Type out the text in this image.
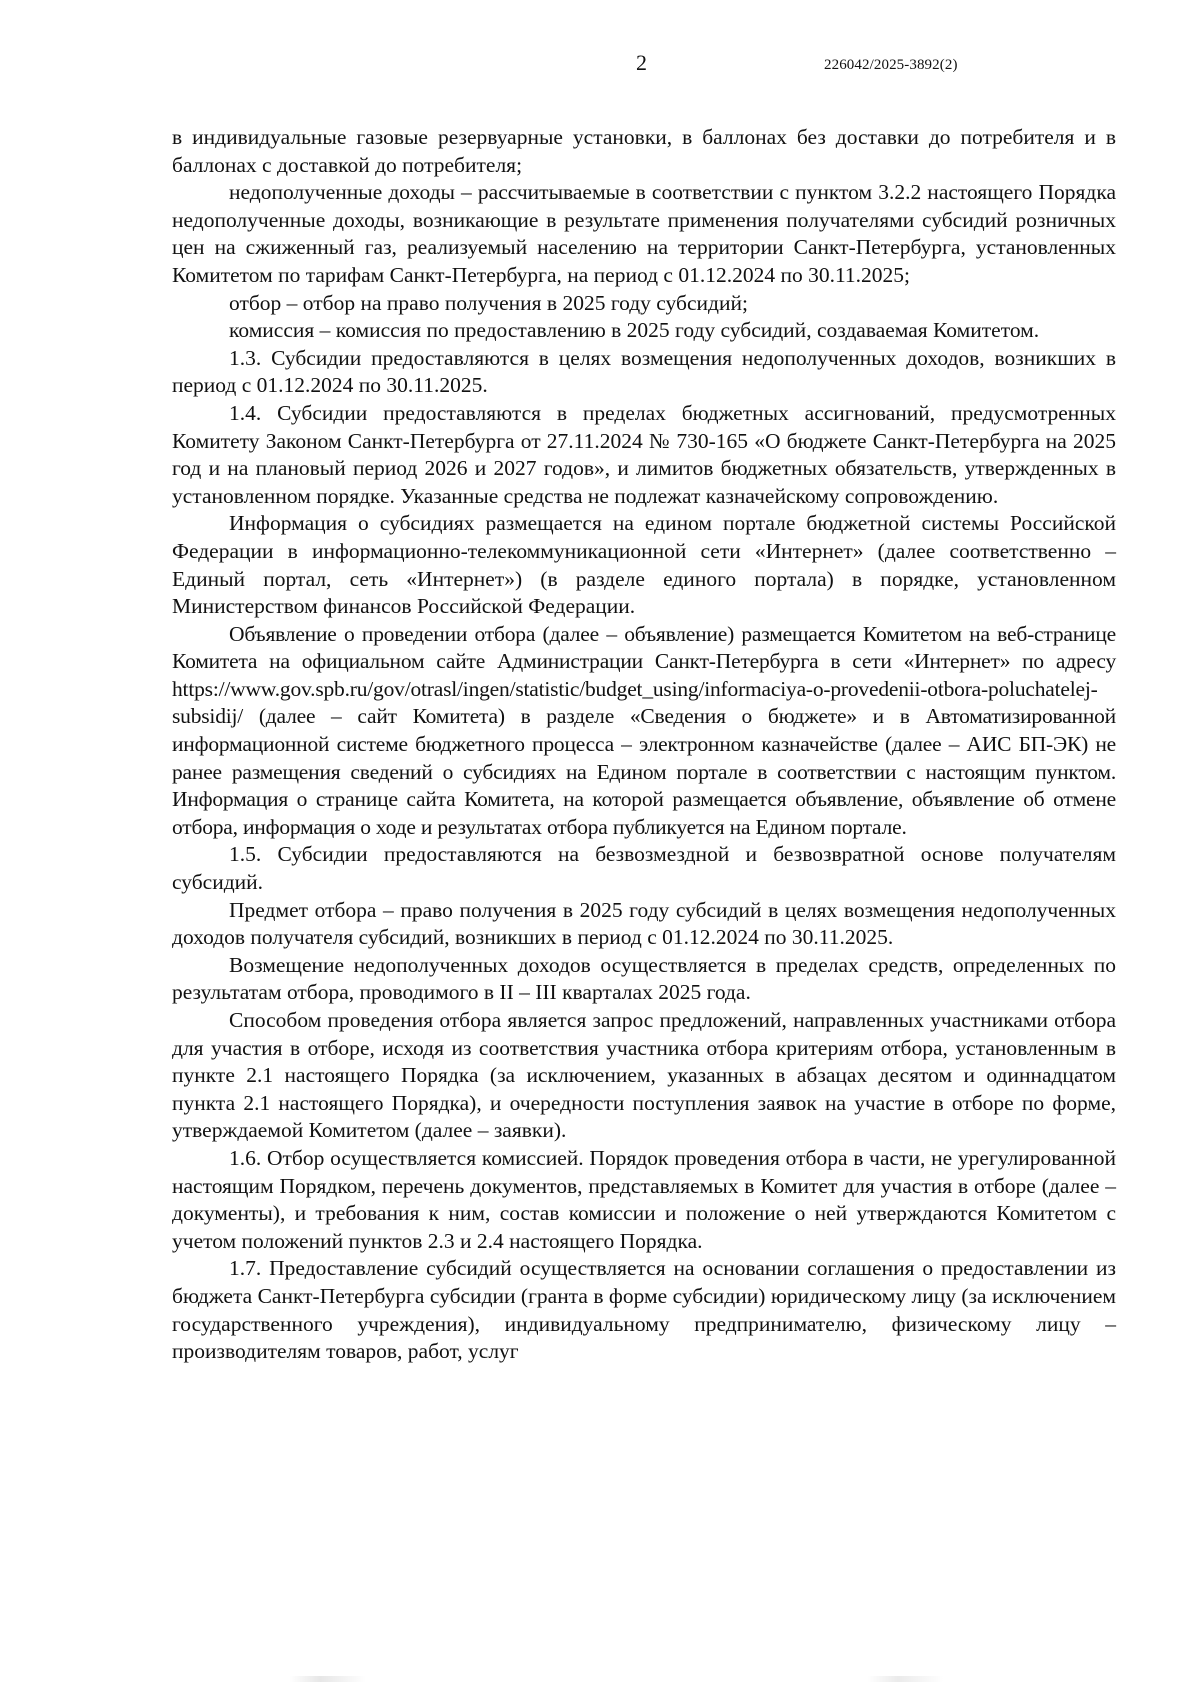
2	226042/2025-3892(2)

в индивидуальные газовые резервуарные установки, в баллонах без доставки до потребителя и в баллонах с доставкой до потребителя;

недополученные доходы – рассчитываемые в соответствии с пунктом 3.2.2 настоящего Порядка недополученные доходы, возникающие в результате применения получателями субсидий розничных цен на сжиженный газ, реализуемый населению на территории Санкт-Петербурга, установленных Комитетом по тарифам Санкт-Петербурга, на период с 01.12.2024 по 30.11.2025;

отбор – отбор на право получения в 2025 году субсидий;

комиссия – комиссия по предоставлению в 2025 году субсидий, создаваемая Комитетом.

1.3. Субсидии предоставляются в целях возмещения недополученных доходов, возникших в период с 01.12.2024 по 30.11.2025.

1.4. Субсидии предоставляются в пределах бюджетных ассигнований, предусмотренных Комитету Законом Санкт-Петербурга от 27.11.2024 № 730-165 «О бюджете Санкт-Петербурга на 2025 год и на плановый период 2026 и 2027 годов», и лимитов бюджетных обязательств, утвержденных в установленном порядке. Указанные средства не подлежат казначейскому сопровождению.

Информация о субсидиях размещается на едином портале бюджетной системы Российской Федерации в информационно-телекоммуникационной сети «Интернет» (далее соответственно – Единый портал, сеть «Интернет») (в разделе единого портала) в порядке, установленном Министерством финансов Российской Федерации.

Объявление о проведении отбора (далее – объявление) размещается Комитетом на веб-странице Комитета на официальном сайте Администрации Санкт-Петербурга в сети «Интернет» по адресу https://www.gov.spb.ru/gov/otrasl/ingen/statistic/budget_using/informaciya-o-provedenii-otbora-poluchatelej-subsidij/ (далее – сайт Комитета) в разделе «Сведения о бюджете» и в Автоматизированной информационной системе бюджетного процесса – электронном казначействе (далее – АИС БП-ЭК) не ранее размещения сведений о субсидиях на Едином портале в соответствии с настоящим пунктом. Информация о странице сайта Комитета, на которой размещается объявление, объявление об отмене отбора, информация о ходе и результатах отбора публикуется на Едином портале.

1.5. Субсидии предоставляются на безвозмездной и безвозвратной основе получателям субсидий.

Предмет отбора – право получения в 2025 году субсидий в целях возмещения недополученных доходов получателя субсидий, возникших в период с 01.12.2024 по 30.11.2025.

Возмещение недополученных доходов осуществляется в пределах средств, определенных по результатам отбора, проводимого в II – III кварталах 2025 года.

Способом проведения отбора является запрос предложений, направленных участниками отбора для участия в отборе, исходя из соответствия участника отбора критериям отбора, установленным в пункте 2.1 настоящего Порядка (за исключением, указанных в абзацах десятом и одиннадцатом пункта 2.1 настоящего Порядка), и очередности поступления заявок на участие в отборе по форме, утверждаемой Комитетом (далее – заявки).

1.6. Отбор осуществляется комиссией. Порядок проведения отбора в части, не урегулированной настоящим Порядком, перечень документов, представляемых в Комитет для участия в отборе (далее – документы), и требования к ним, состав комиссии и положение о ней утверждаются Комитетом с учетом положений пунктов 2.3 и 2.4 настоящего Порядка.

1.7. Предоставление субсидий осуществляется на основании соглашения о предоставлении из бюджета Санкт-Петербурга субсидии (гранта в форме субсидии) юридическому лицу (за исключением государственного учреждения), индивидуальному предпринимателю, физическому лицу – производителям товаров, работ, услуг
